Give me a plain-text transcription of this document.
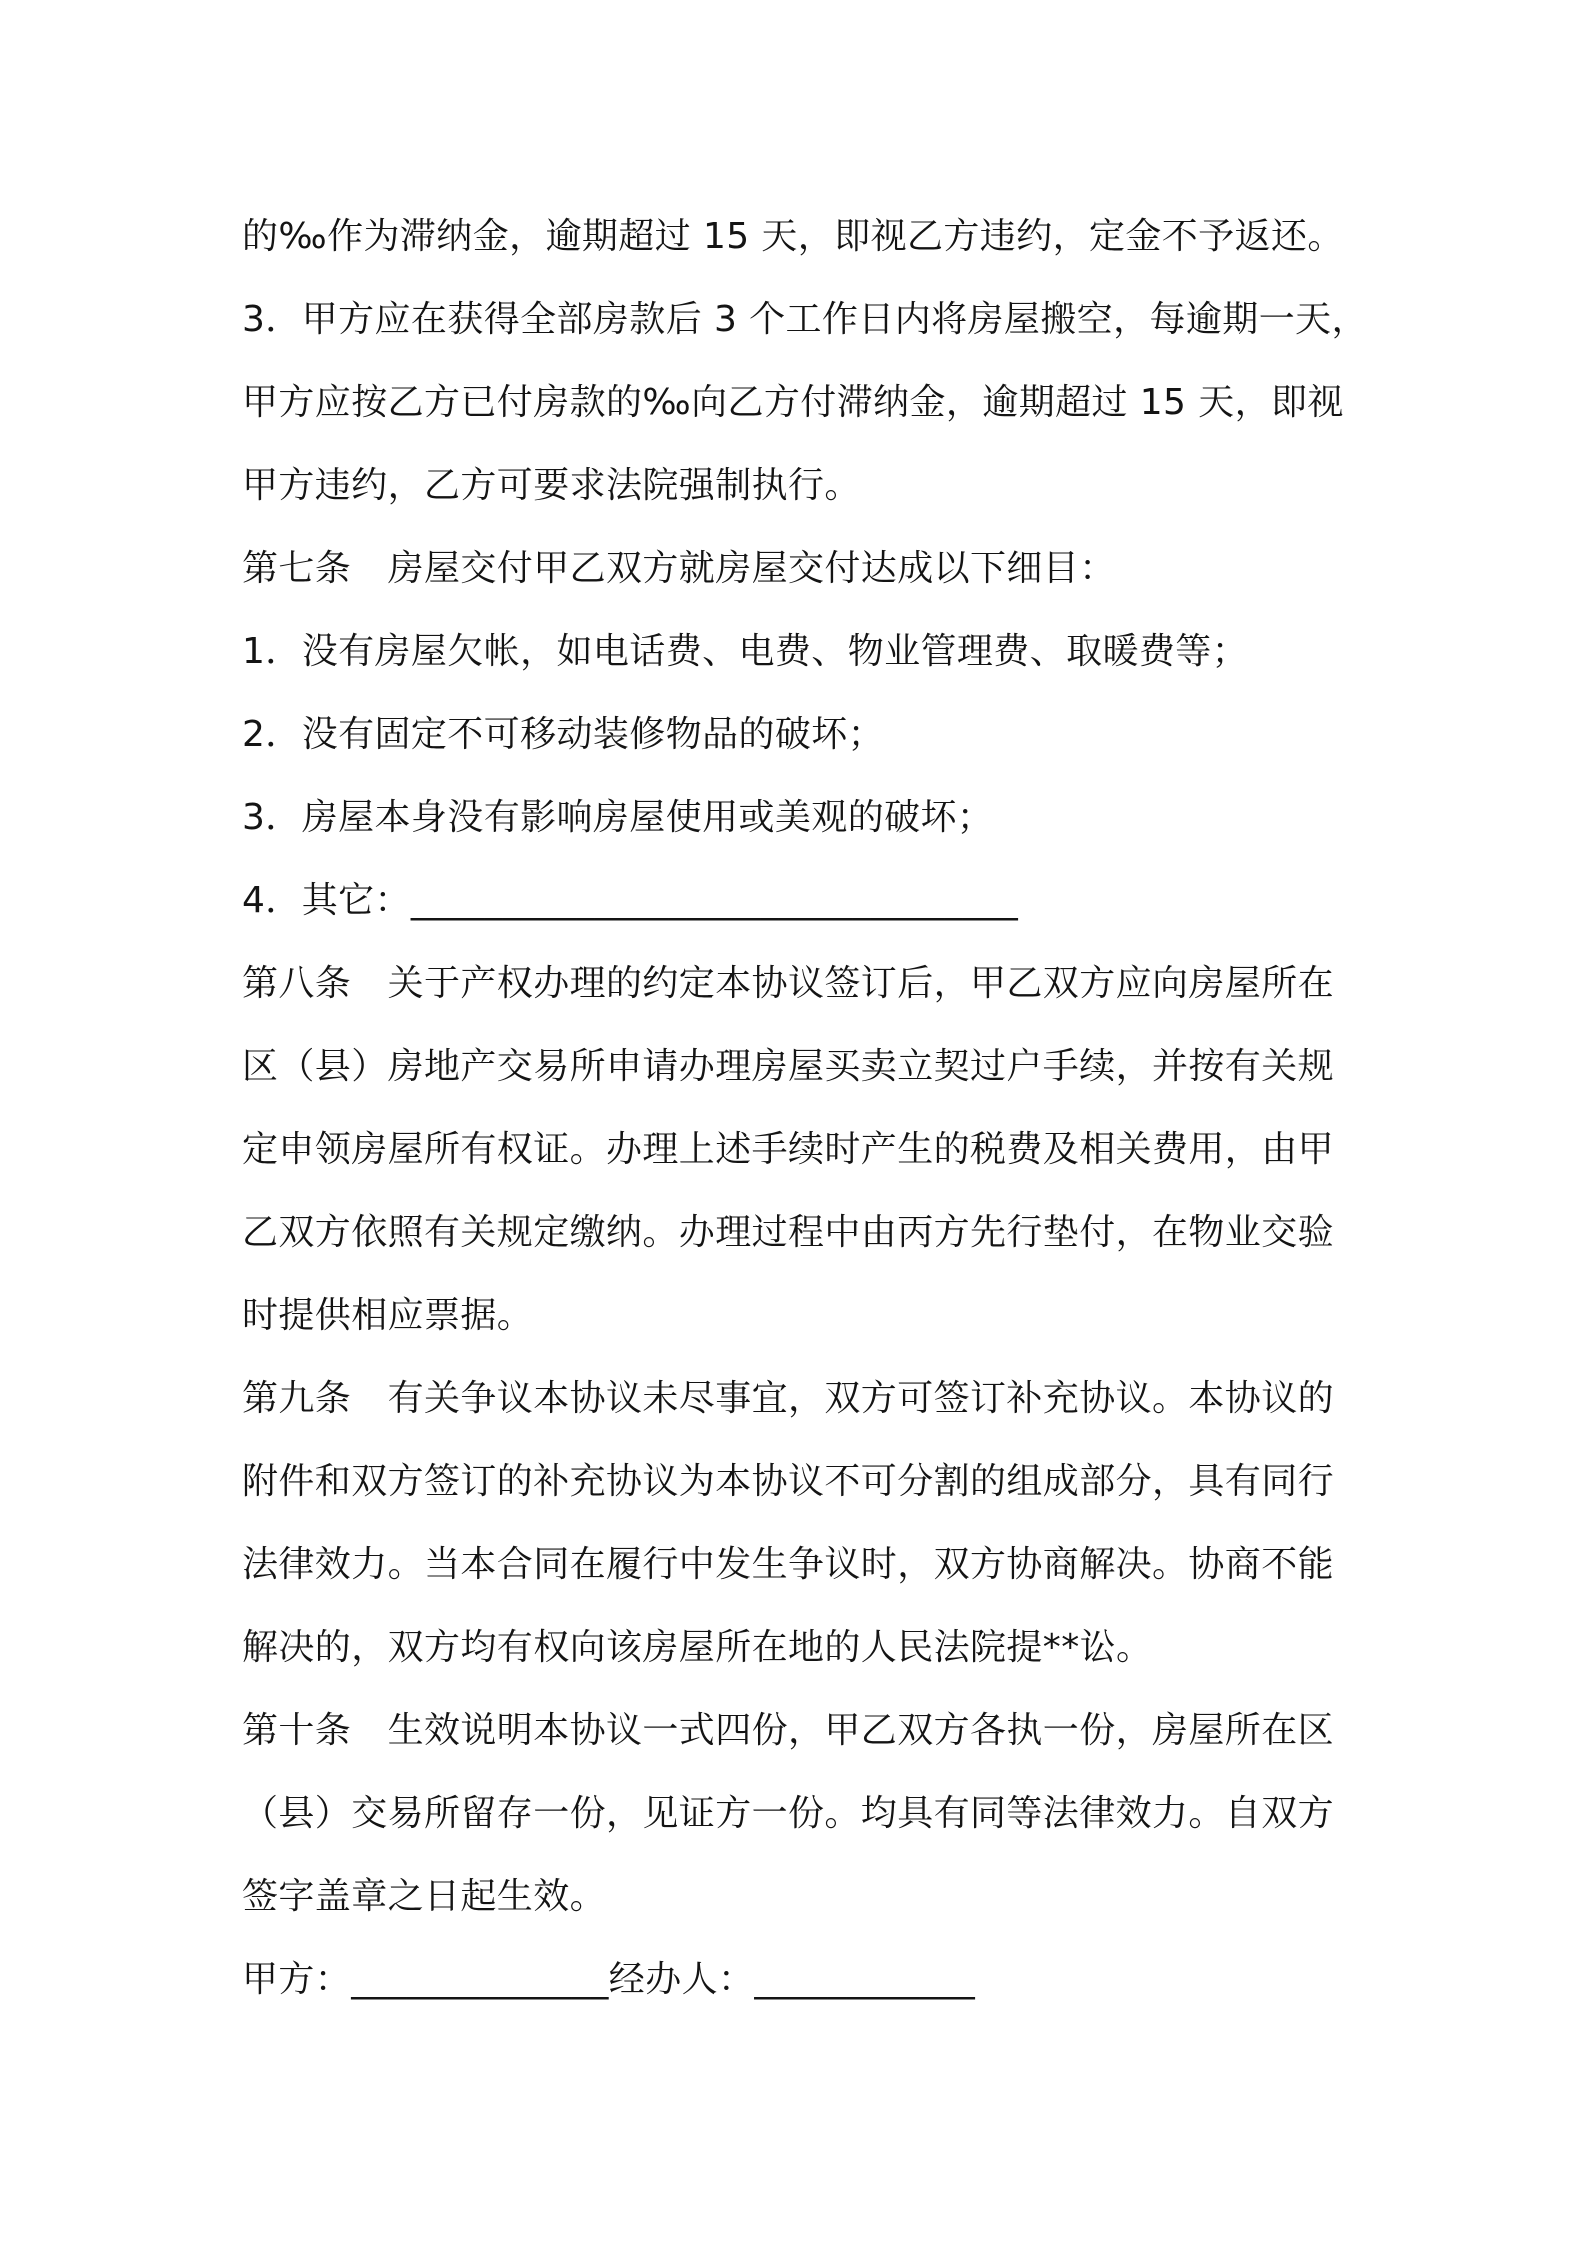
的‰作为滞纳金，逾期超过 15 天，即视乙方违约，定金不予返还。
3．甲方应在获得全部房款后 3 个工作日内将房屋搬空，每逾期一天，
甲方应按乙方已付房款的‰向乙方付滞纳金，逾期超过 15 天，即视
甲方违约，乙方可要求法院强制执行。
第七条　房屋交付甲乙双方就房屋交付达成以下细目：
1．没有房屋欠帐，如电话费、电费、物业管理费、取暖费等；
2．没有固定不可移动装修物品的破坏；
3．房屋本身没有影响房屋使用或美观的破坏；
4．其它：_________________________________
第八条　关于产权办理的约定本协议签订后，甲乙双方应向房屋所在
区（县）房地产交易所申请办理房屋买卖立契过户手续，并按有关规
定申领房屋所有权证。办理上述手续时产生的税费及相关费用，由甲
乙双方依照有关规定缴纳。办理过程中由丙方先行垫付，在物业交验
时提供相应票据。
第九条　有关争议本协议未尽事宜，双方可签订补充协议。本协议的
附件和双方签订的补充协议为本协议不可分割的组成部分，具有同行
法律效力。当本合同在履行中发生争议时，双方协商解决。协商不能
解决的，双方均有权向该房屋所在地的人民法院提**讼。
第十条　生效说明本协议一式四份，甲乙双方各执一份，房屋所在区
（县）交易所留存一份，见证方一份。均具有同等法律效力。自双方
签字盖章之日起生效。
甲方：______________经办人：____________
